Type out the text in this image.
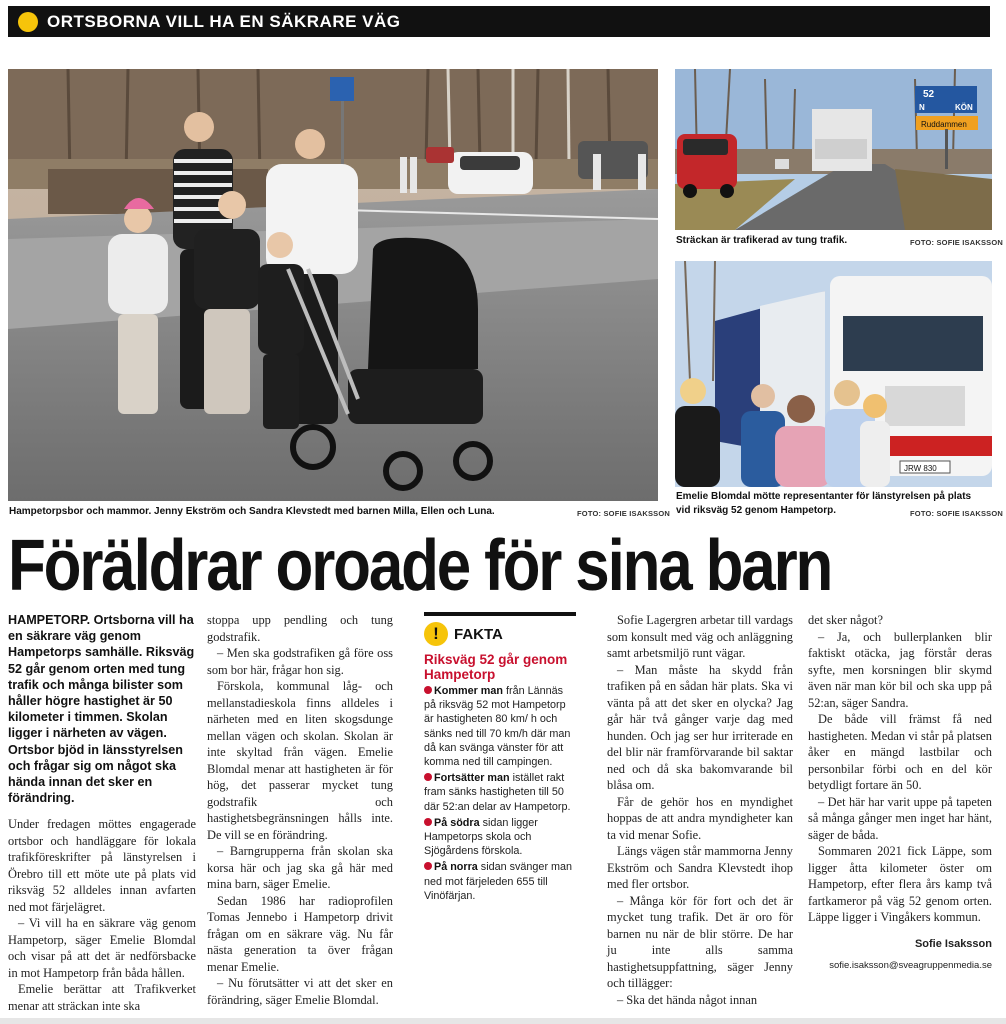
ORTSBORNA VILL HA EN SÄKRARE VÄG
Hampetorpsbor och mammor. Jenny Ekström och Sandra Klevstedt med barnen Milla, Ellen och Luna.	FOTO: SOFIE ISAKSSON
52
N	KÖN
Ruddammen
Sträckan är trafikerad av tung trafik.	FOTO: SOFIE ISAKSSON
JRW 830
Emelie Blomdal mötte representanter för länstyrelsen på plats vid riksväg 52 genom Hampetorp.	FOTO: SOFIE ISAKSSON
Föräldrar oroade för sina barn
HAMPETORP. Ortsborna vill ha en säkrare väg genom Hampetorps samhälle. Riksväg 52 går genom orten med tung trafik och många bilister som håller högre hastighet är 50 kilometer i timmen. Skolan ligger i närheten av vägen. Ortsbor bjöd in länsstyrelsen och frågar sig om något ska hända innan det sker en förändring.

Under fredagen möttes engagerade ortsbor och handläggare för lokala trafikföreskrifter på länstyrelsen i Örebro till ett möte ute på plats vid riksväg 52 alldeles innan avfarten ned mot färjelägret.

– Vi vill ha en säkrare väg genom Hampetorp, säger Emelie Blomdal och visar på att det är nedförsbacke in mot Hampetorp från båda hållen.

Emelie berättar att Trafikverket menar att sträckan inte ska

stoppa upp pendling och tung godstrafik.

– Men ska godstrafiken gå före oss som bor här, frågar hon sig.

Förskola, kommunal låg- och mellanstadieskola finns alldeles i närheten med en liten skogsdunge mellan vägen och skolan. Skolan är inte skyltad från vägen. Emelie Blomdal menar att hastigheten är för hög, det passerar mycket tung godstrafik och hastighetsbegränsningen hålls inte. De vill se en förändring.

– Barngrupperna från skolan ska korsa här och jag ska gå här med mina barn, säger Emelie.

Sedan 1986 har radioprofilen Tomas Jennebo i Hampetorp drivit frågan om en säkrare väg. Nu får nästa generation ta över frågan menar Emelie.

– Nu förutsätter vi att det sker en förändring, säger Emelie Blomdal.

!	FAKTA
Riksväg 52 går genom Hampetorp
Kommer man från Lännäs på riksväg 52 mot Hampetorp är hastigheten 80 km/ h och sänks ned till 70 km/h där man då kan svänga vänster för att komma ned till campingen.
Fortsätter man istället rakt fram sänks hastigheten till 50 där 52:an delar av Hampetorp.
På södra sidan ligger Hampetorps skola och Sjögårdens förskola.
På norra sidan svänger man ned mot färjeleden 655 till Vinöfärjan.

Sofie Lagergren arbetar till vardags som konsult med väg och anläggning samt arbetsmiljö runt vägar.

– Man måste ha skydd från trafiken på en sådan här plats. Ska vi vänta på att det sker en olycka? Jag går här två gånger varje dag med hunden. Och jag ser hur irriterade en del blir när framförvarande bil saktar ned och då ska bakomvarande bil blåsa om.

Får de gehör hos en myndighet hoppas de att andra myndigheter kan ta vid menar Sofie.

Längs vägen står mammorna Jenny Ekström och Sandra Klevstedt ihop med fler ortsbor.

– Många kör för fort och det är mycket tung trafik. Det är oro för barnen nu när de blir större. De har ju inte alls samma hastighetsuppfattning, säger Jenny och tillägger:

– Ska det hända något innan

det sker något?

– Ja, och bullerplanken blir faktiskt otäcka, jag förstår deras syfte, men korsningen blir skymd även när man kör bil och ska upp på 52:an, säger Sandra.

De både vill främst få ned hastigheten. Medan vi står på platsen åker en mängd lastbilar och personbilar förbi och en del kör betydligt fortare än 50.

– Det här har varit uppe på tapeten så många gånger men inget har hänt, säger de båda.

Sommaren 2021 fick Läppe, som ligger åtta kilometer öster om Hampetorp, efter flera års kamp två fartkameror på väg 52 genom orten. Läppe ligger i Vingåkers kommun.

Sofie Isaksson
sofie.isaksson@sveagruppenmedia.se
